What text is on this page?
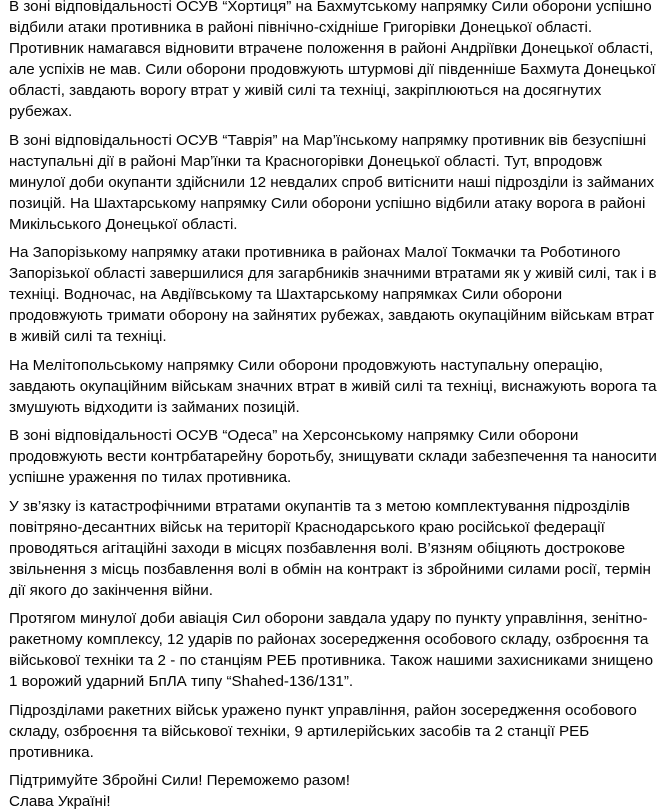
В зоні відповідальності ОСУВ “Хортиця” на Бахмутському напрямку Сили оборони успішно відбили атаки противника в районі північно-східніше Григорівки Донецької області. Противник намагався відновити втрачене положення в районі Андріївки Донецької області, але успіхів не мав. Сили оборони продовжують штурмові дії південніше Бахмута Донецької області, завдають ворогу втрат у живій силі та техніці, закріплюються на досягнутих рубежах.

В зоні відповідальності ОСУВ “Таврія” на Мар’їнському напрямку противник вів безуспішні наступальні дії в районі Мар’їнки та Красногорівки Донецької області. Тут, впродовж минулої доби окупанти здійснили 12 невдалих спроб витіснити наші підрозділи із займаних позицій. На Шахтарському напрямку Сили оборони успішно відбили атаку ворога в районі Микільського Донецької області.

На Запорізькому напрямку атаки противника в районах Малої Токмачки та Роботиного Запорізької області завершилися для загарбників значними втратами як у живій силі, так і в техніці. Водночас, на Авдіївському та Шахтарському напрямках Сили оборони продовжують тримати оборону на зайнятих рубежах, завдають окупаційним військам втрат в живій силі та техніці.

На Мелітопольському напрямку Сили оборони продовжують наступальну операцію, завдають окупаційним військам значних втрат в живій силі та техніці, виснажують ворога та змушують відходити із займаних позицій.

В зоні відповідальності ОСУВ “Одеса” на Херсонському напрямку Сили оборони продовжують вести контрбатарейну боротьбу, знищувати склади забезпечення та наносити успішне ураження по тилах противника.

У зв’язку із катастрофічними втратами окупантів та з метою комплектування підрозділів повітряно-десантних військ на території Краснодарського краю російської федерації проводяться агітаційні заходи в місцях позбавлення волі. В’язням обіцяють дострокове звільнення з місць позбавлення волі в обмін на контракт із збройними силами росії, термін дії якого до закінчення війни.

Протягом минулої доби авіація Сил оборони завдала удару по пункту управління, зенітно-ракетному комплексу, 12 ударів по районах зосередження особового складу, озброєння та військової техніки та 2 - по станціям РЕБ противника. Також нашими захисниками знищено 1 ворожий ударний БпЛА типу “Shahed-136/131”.

Підрозділами ракетних військ уражено пункт управління, район зосередження особового складу, озброєння та військової техніки, 9 артилерійських засобів та 2 станції РЕБ противника.

Підтримуйте Збройні Сили! Переможемо разом!
Слава Україні!
